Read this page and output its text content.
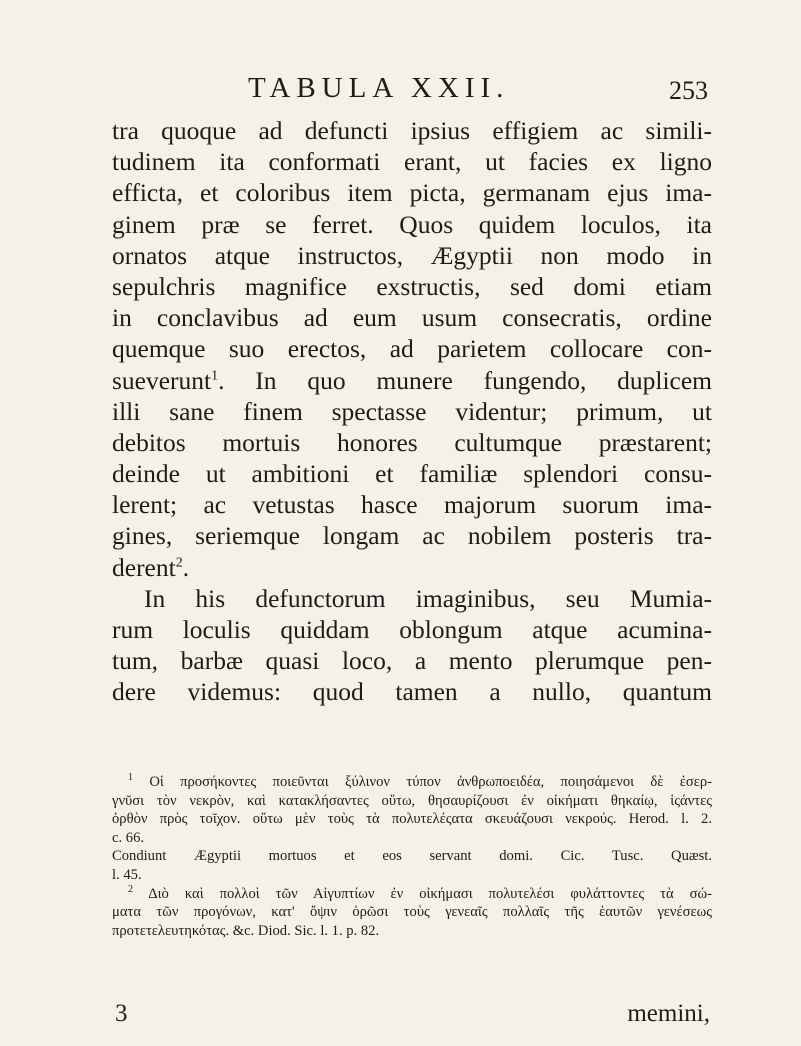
TABULA XXII.	253
tra quoque ad defuncti ipsius effigiem ac simili-
tudinem ita conformati erant, ut facies ex ligno
efficta, et coloribus item picta, germanam ejus ima-
ginem præ se ferret. Quos quidem loculos, ita
ornatos atque instructos, Ægyptii non modo in
sepulchris magnifice exstructis, sed domi etiam
in conclavibus ad eum usum consecratis, ordine
quemque suo erectos, ad parietem collocare con-
sueverunt$^1$. In quo munere fungendo, duplicem
illi sane finem spectasse videntur; primum, ut
debitos mortuis honores cultumque præstarent;
deinde ut ambitioni et familiæ splendori consu-
lerent; ac vetustas hasce majorum suorum ima-
gines, seriemque longam ac nobilem posteris tra-
derent$^2$.
In his defunctorum imaginibus, seu Mumia-
rum loculis quiddam oblongum atque acumina-
tum, barbæ quasi loco, a mento plerumque pen-
dere videmus: quod tamen a nullo, quantum
$^1$ Οἱ προσήκοντες ποιεῦνται ξύλινον τύπον ἀνθρωποειδέα, ποιησάμενοι δὲ ἐσερ-
γνῦσι τὸν νεκρὸν, καὶ κατακλήσαντες οὕτω, θησαυρίζουσι ἐν οἰκήματι θηκαίῳ, ἱςάντες
ὀρθὸν πρὸς τοῖχον. οὕτω μὲν τοὺς τὰ πολυτελέςατα σκευάζουσι νεκρούς. Herod. l. 2.
c. 66.
Condiunt Ægyptii mortuos et eos servant domi. Cic. Tusc. Quæst.
l. 45.
$^2$ Διὸ καὶ πολλοὶ τῶν Αἰγυπτίων ἐν οἰκήμασι πολυτελέσι φυλάττοντες τὰ σώ-
ματα τῶν προγόνων, κατ' ὄψιν ὁρῶσι τοὺς γενεαῖς πολλαῖς τῆς ἑαυτῶν γενέσεως
προτετελευτηκότας. &c. Diod. Sic. l. 1. p. 82.
3	memini,
